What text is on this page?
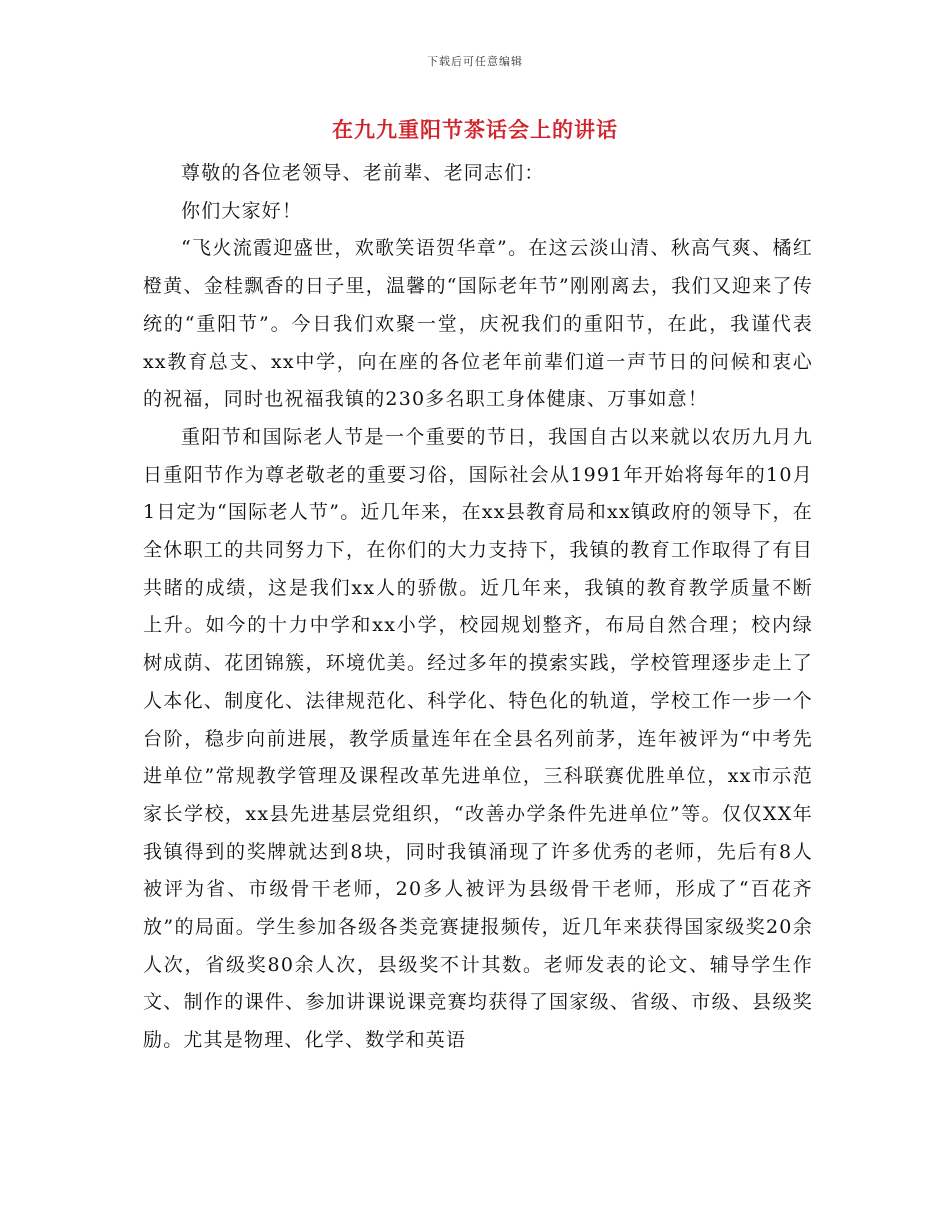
下载后可任意编辑
在九九重阳节茶话会上的讲话

尊敬的各位老领导、老前辈、老同志们：

你们大家好！

“飞火流霞迎盛世，欢歌笑语贺华章”。在这云淡山清、秋高气爽、橘红橙黄、金桂飘香的日子里，温馨的“国际老年节”刚刚离去，我们又迎来了传统的“重阳节”。今日我们欢聚一堂，庆祝我们的重阳节，在此，我谨代表xx教育总支、xx中学，向在座的各位老年前辈们道一声节日的问候和衷心的祝福，同时也祝福我镇的230多名职工身体健康、万事如意！

重阳节和国际老人节是一个重要的节日，我国自古以来就以农历九月九日重阳节作为尊老敬老的重要习俗，国际社会从1991年开始将每年的10月1日定为“国际老人节”。近几年来，在xx县教育局和xx镇政府的领导下，在全休职工的共同努力下，在你们的大力支持下，我镇的教育工作取得了有目共睹的成绩，这是我们xx人的骄傲。近几年来，我镇的教育教学质量不断上升。如今的十力中学和xx小学，校园规划整齐，布局自然合理；校内绿树成荫、花团锦簇，环境优美。经过多年的摸索实践，学校管理逐步走上了人本化、制度化、法律规范化、科学化、特色化的轨道，学校工作一步一个台阶，稳步向前进展，教学质量连年在全县名列前茅，连年被评为“中考先进单位”常规教学管理及课程改革先进单位，三科联赛优胜单位，xx市示范家长学校，xx县先进基层党组织，“改善办学条件先进单位”等。仅仅XX年我镇得到的奖牌就达到8块，同时我镇涌现了许多优秀的老师，先后有8人被评为省、市级骨干老师，20多人被评为县级骨干老师，形成了“百花齐放”的局面。学生参加各级各类竞赛捷报频传，近几年来获得国家级奖20余人次，省级奖80余人次，县级奖不计其数。老师发表的论文、辅导学生作文、制作的课件、参加讲课说课竞赛均获得了国家级、省级、市级、县级奖励。尤其是物理、化学、数学和英语
